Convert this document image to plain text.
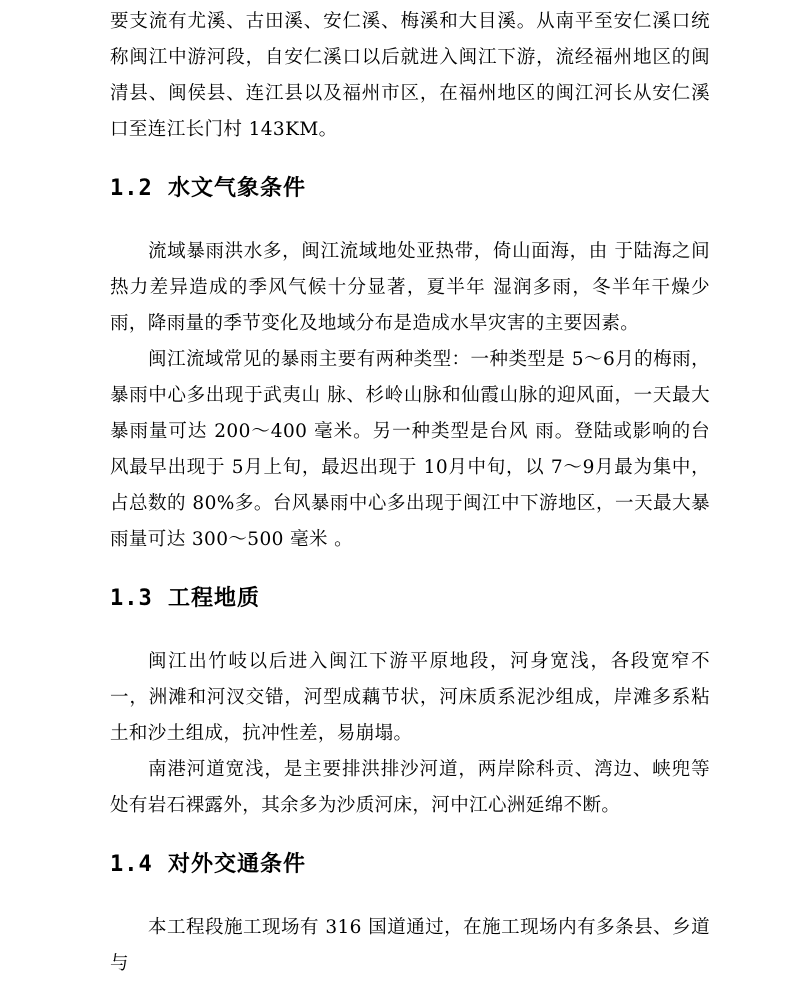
要支流有尤溪、古田溪、安仁溪、梅溪和大目溪。从南平至安仁溪口统称闽江中游河段，自安仁溪口以后就进入闽江下游，流经福州地区的闽清县、闽侯县、连江县以及福州市区，在福州地区的闽江河长从安仁溪口至连江长门村 143KM。

1.2 水文气象条件

流域暴雨洪水多，闽江流域地处亚热带，倚山面海，由 于陆海之间热力差异造成的季风气候十分显著，夏半年 湿润多雨，冬半年干燥少雨，降雨量的季节变化及地域分布是造成水旱灾害的主要因素。

闽江流域常见的暴雨主要有两种类型：一种类型是 5～6月的梅雨，暴雨中心多出现于武夷山 脉、杉岭山脉和仙霞山脉的迎风面，一天最大暴雨量可达 200～400 毫米。另一种类型是台风 雨。登陆或影响的台风最早出现于 5月上旬，最迟出现于 10月中旬，以 7～9月最为集中，占总数的 80%多。台风暴雨中心多出现于闽江中下游地区，一天最大暴雨量可达 300～500 毫米 。

1.3 工程地质

闽江出竹岐以后进入闽江下游平原地段，河身宽浅，各段宽窄不一，洲滩和河汊交错，河型成藕节状，河床质系泥沙组成，岸滩多系粘土和沙土组成，抗冲性差，易崩塌。

南港河道宽浅，是主要排洪排沙河道，两岸除科贡、湾边、峡兜等处有岩石裸露外，其余多为沙质河床，河中江心洲延绵不断。

1.4 对外交通条件

本工程段施工现场有 316 国道通过，在施工现场内有多条县、乡道与
